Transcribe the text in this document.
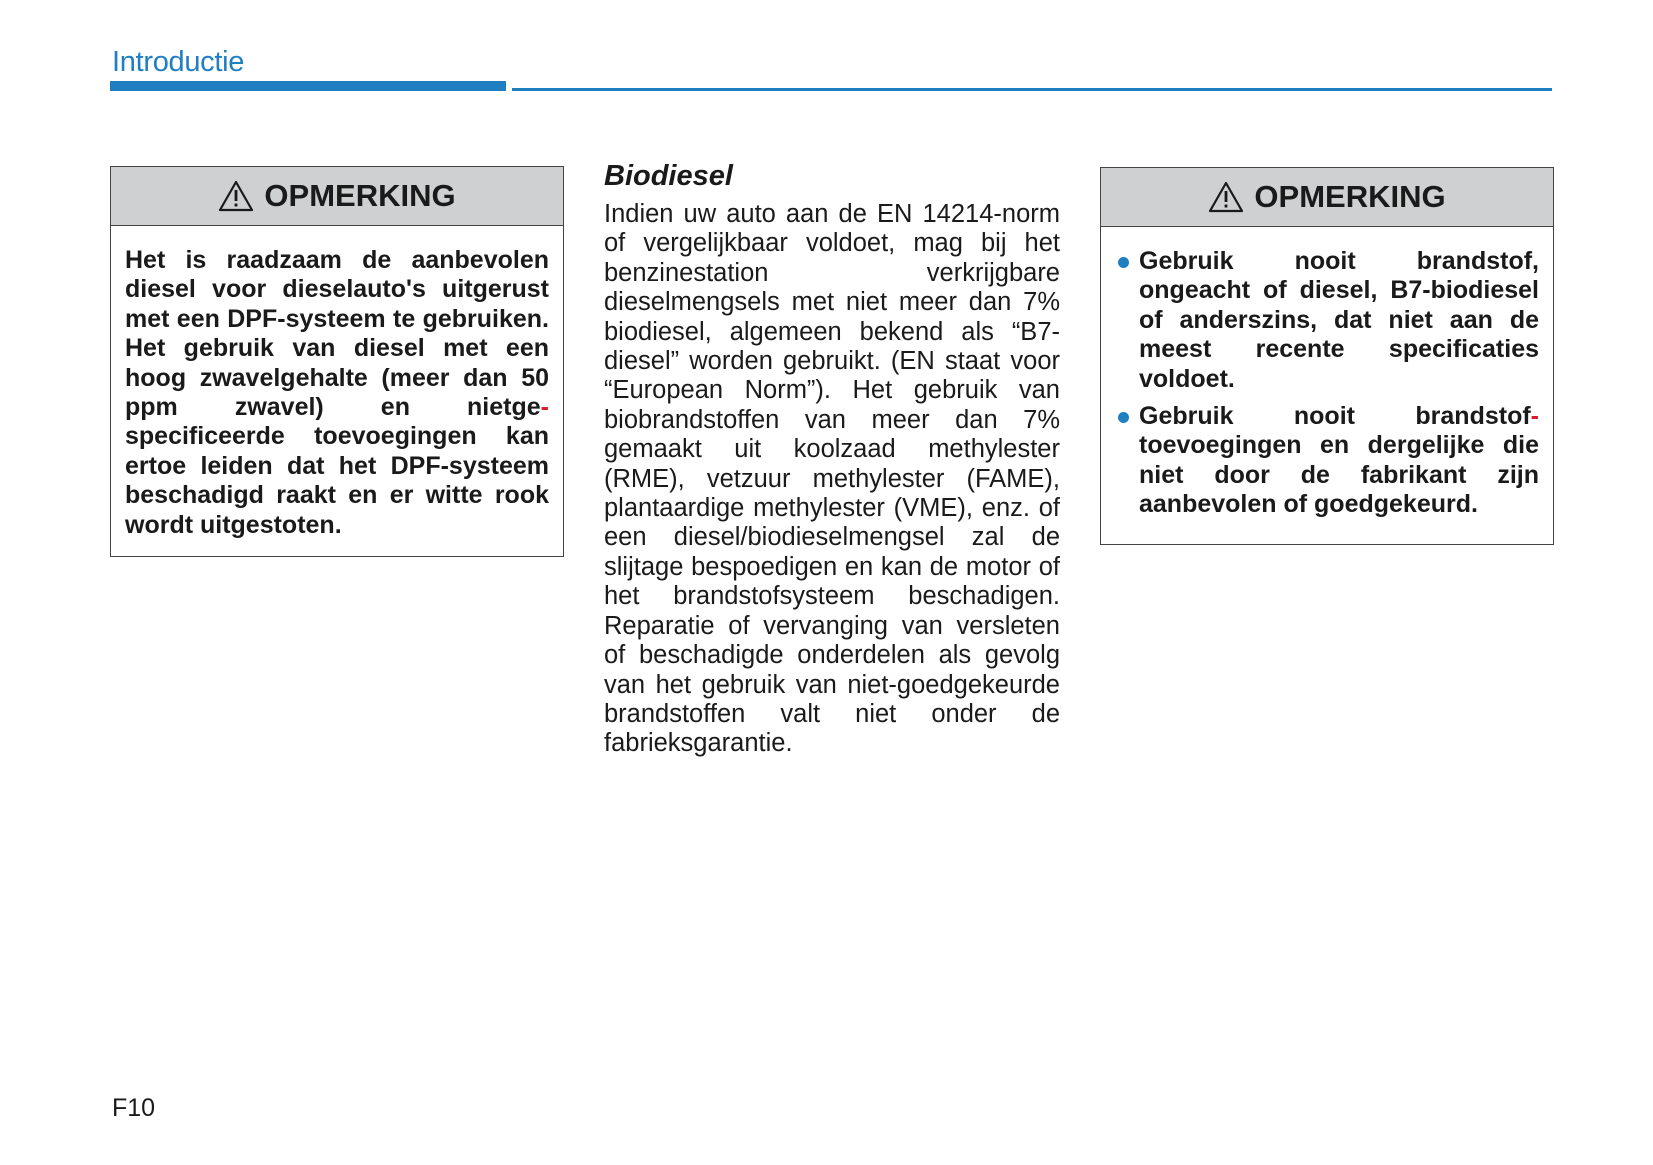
Introductie
OPMERKING
Het is raadzaam de aanbevolen diesel voor dieselauto's uitgerust met een DPF-systeem te gebruiken. Het gebruik van diesel met een hoog zwavelgehalte (meer dan 50 ppm zwavel) en nietge-specificeerde toevoegingen kan ertoe leiden dat het DPF-systeem beschadigd raakt en er witte rook wordt uitgestoten.
Biodiesel
Indien uw auto aan de EN 14214-norm of vergelijkbaar voldoet, mag bij het benzinestation verkrijgbare dieselmengsels met niet meer dan 7% biodiesel, algemeen bekend als “B7-diesel” worden gebruikt. (EN staat voor “European Norm”). Het gebruik van biobrandstoffen van meer dan 7% gemaakt uit koolzaad methylester (RME), vetzuur methylester (FAME), plantaardige methylester (VME), enz. of een diesel/biodieselmengsel zal de slijtage bespoedigen en kan de motor of het brandstofsysteem beschadigen. Reparatie of vervanging van versleten of beschadigde onderdelen als gevolg van het gebruik van niet-goedgekeurde brandstoffen valt niet onder de fabrieksgarantie.
OPMERKING
Gebruik nooit brandstof, ongeacht of diesel, B7-biodiesel of anderszins, dat niet aan de meest recente specificaties voldoet.
Gebruik nooit brandstof-toevoegingen en dergelijke die niet door de fabrikant zijn aanbevolen of goedgekeurd.
F10
